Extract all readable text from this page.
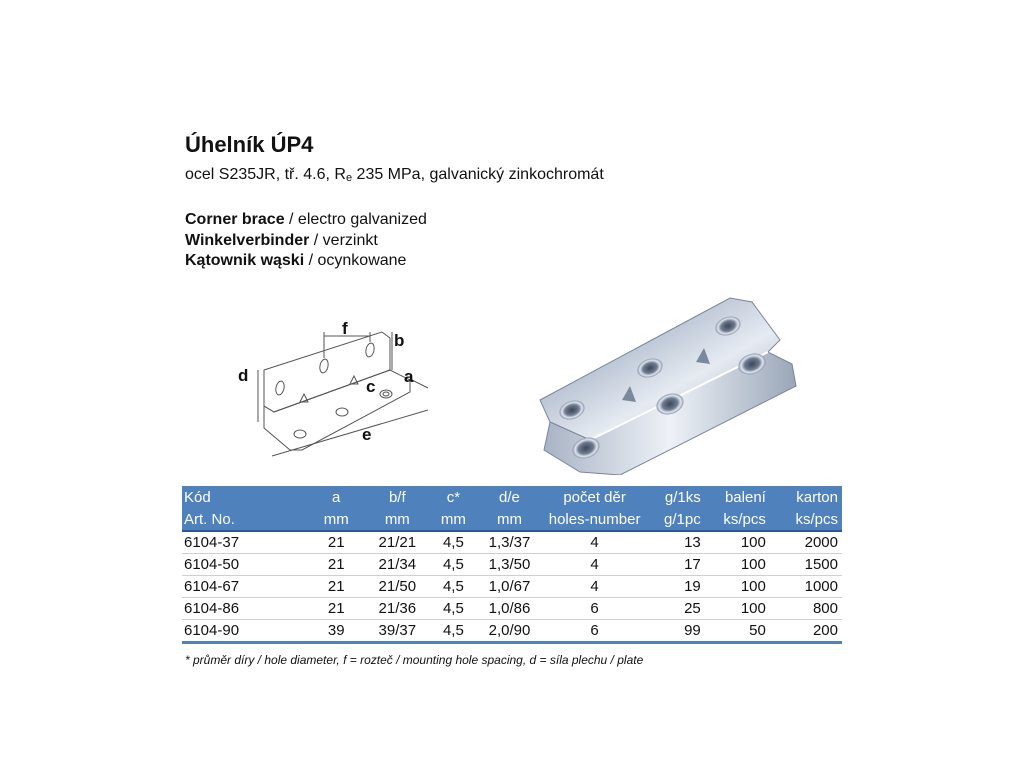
Úhelník ÚP4
ocel S235JR, tř. 4.6, Re 235 MPa, galvanický zinkochromát
Corner brace / electro galvanized
Winkelverbinder / verzinkt
Kątownik wąski / ocynkowane
f
b
d
c
a
e
Kód	a	b/f	c*	d/e	počet děr	g/1ks	balení	karton
Art. No.	mm	mm	mm	mm	holes-number	g/1pc	ks/pcs	ks/pcs
6104-37	21	21/21	4,5	1,3/37	4	13	100	2000
6104-50	21	21/34	4,5	1,3/50	4	17	100	1500
6104-67	21	21/50	4,5	1,0/67	4	19	100	1000
6104-86	21	21/36	4,5	1,0/86	6	25	100	800
6104-90	39	39/37	4,5	2,0/90	6	99	50	200
* průměr díry / hole diameter, f = rozteč / mounting hole spacing, d = síla plechu / plate
